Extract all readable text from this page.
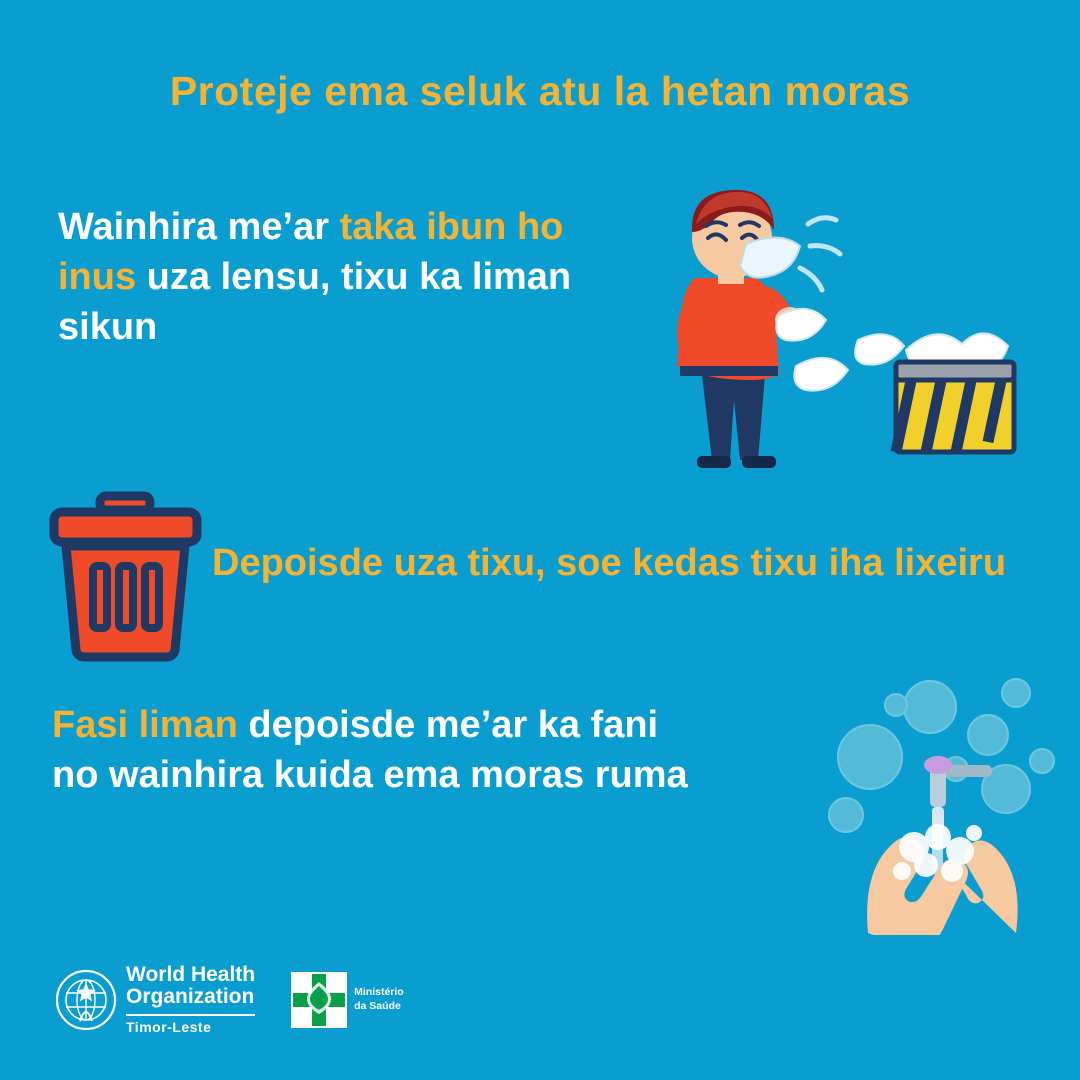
Proteje ema seluk atu la hetan moras
Wainhira me’ar taka ibun ho inus uza lensu, tixu ka liman sikun
Depoisde uza tixu, soe kedas tixu iha lixeiru
Fasi liman depoisde me’ar ka fani no wainhira kuida ema moras ruma
World Health
Organization
Timor-Leste
Ministério
da Saúde
